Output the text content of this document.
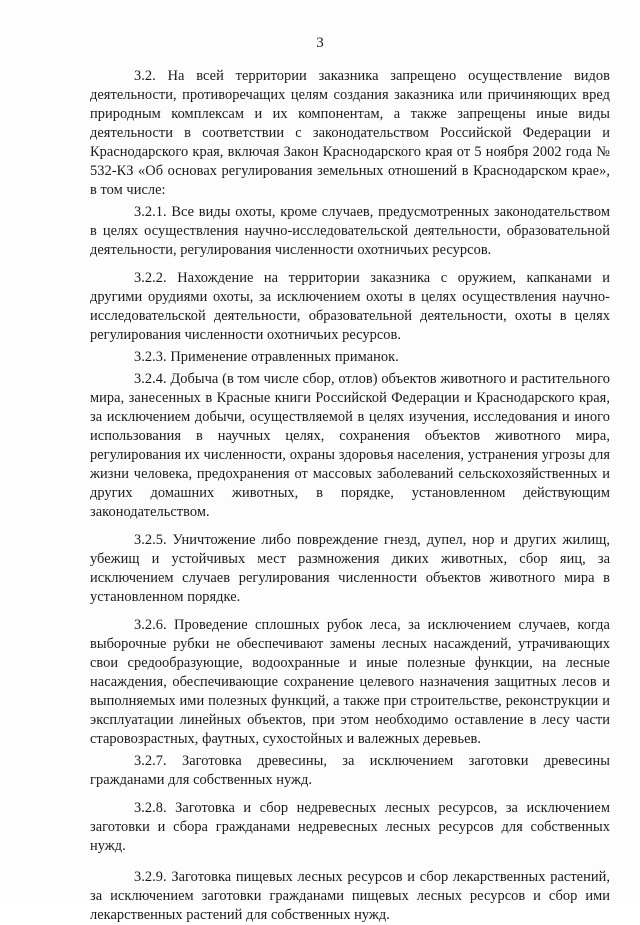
3

3.2. На всей территории заказника запрещено осуществление видов деятельности, противоречащих целям создания заказника или причиняющих вред природным комплексам и их компонентам, а также запрещены иные виды деятельности в соответствии с законодательством Российской Федерации и Краснодарского края, включая Закон Краснодарского края от 5 ноября 2002 года № 532-КЗ «Об основах регулирования земельных отношений в Краснодарском крае», в том числе:

3.2.1. Все виды охоты, кроме случаев, предусмотренных законодательством в целях осуществления научно-исследовательской деятельности, образовательной деятельности, регулирования численности охотничьих ресурсов.

3.2.2. Нахождение на территории заказника с оружием, капканами и другими орудиями охоты, за исключением охоты в целях осуществления научно-исследовательской деятельности, образовательной деятельности, охоты в целях регулирования численности охотничьих ресурсов.

3.2.3. Применение отравленных приманок.

3.2.4. Добыча (в том числе сбор, отлов) объектов животного и растительного мира, занесенных в Красные книги Российской Федерации и Краснодарского края, за исключением добычи, осуществляемой в целях изучения, исследования и иного использования в научных целях, сохранения объектов животного мира, регулирования их численности, охраны здоровья населения, устранения угрозы для жизни человека, предохранения от массовых заболеваний сельскохозяйственных и других домашних животных, в порядке, установленном действующим законодательством.

3.2.5. Уничтожение либо повреждение гнезд, дупел, нор и других жилищ, убежищ и устойчивых мест размножения диких животных, сбор яиц, за исключением случаев регулирования численности объектов животного мира в установленном порядке.

3.2.6. Проведение сплошных рубок леса, за исключением случаев, когда выборочные рубки не обеспечивают замены лесных насаждений, утрачивающих свои средообразующие, водоохранные и иные полезные функции, на лесные насаждения, обеспечивающие сохранение целевого назначения защитных лесов и выполняемых ими полезных функций, а также при строительстве, реконструкции и эксплуатации линейных объектов, при этом необходимо оставление в лесу части старовозрастных, фаутных, сухостойных и валежных деревьев.

3.2.7. Заготовка древесины, за исключением заготовки древесины гражданами для собственных нужд.

3.2.8. Заготовка и сбор недревесных лесных ресурсов, за исключением заготовки и сбора гражданами недревесных лесных ресурсов для собственных нужд.

3.2.9. Заготовка пищевых лесных ресурсов и сбор лекарственных растений, за исключением заготовки гражданами пищевых лесных ресурсов и сбор ими лекарственных растений для собственных нужд.
